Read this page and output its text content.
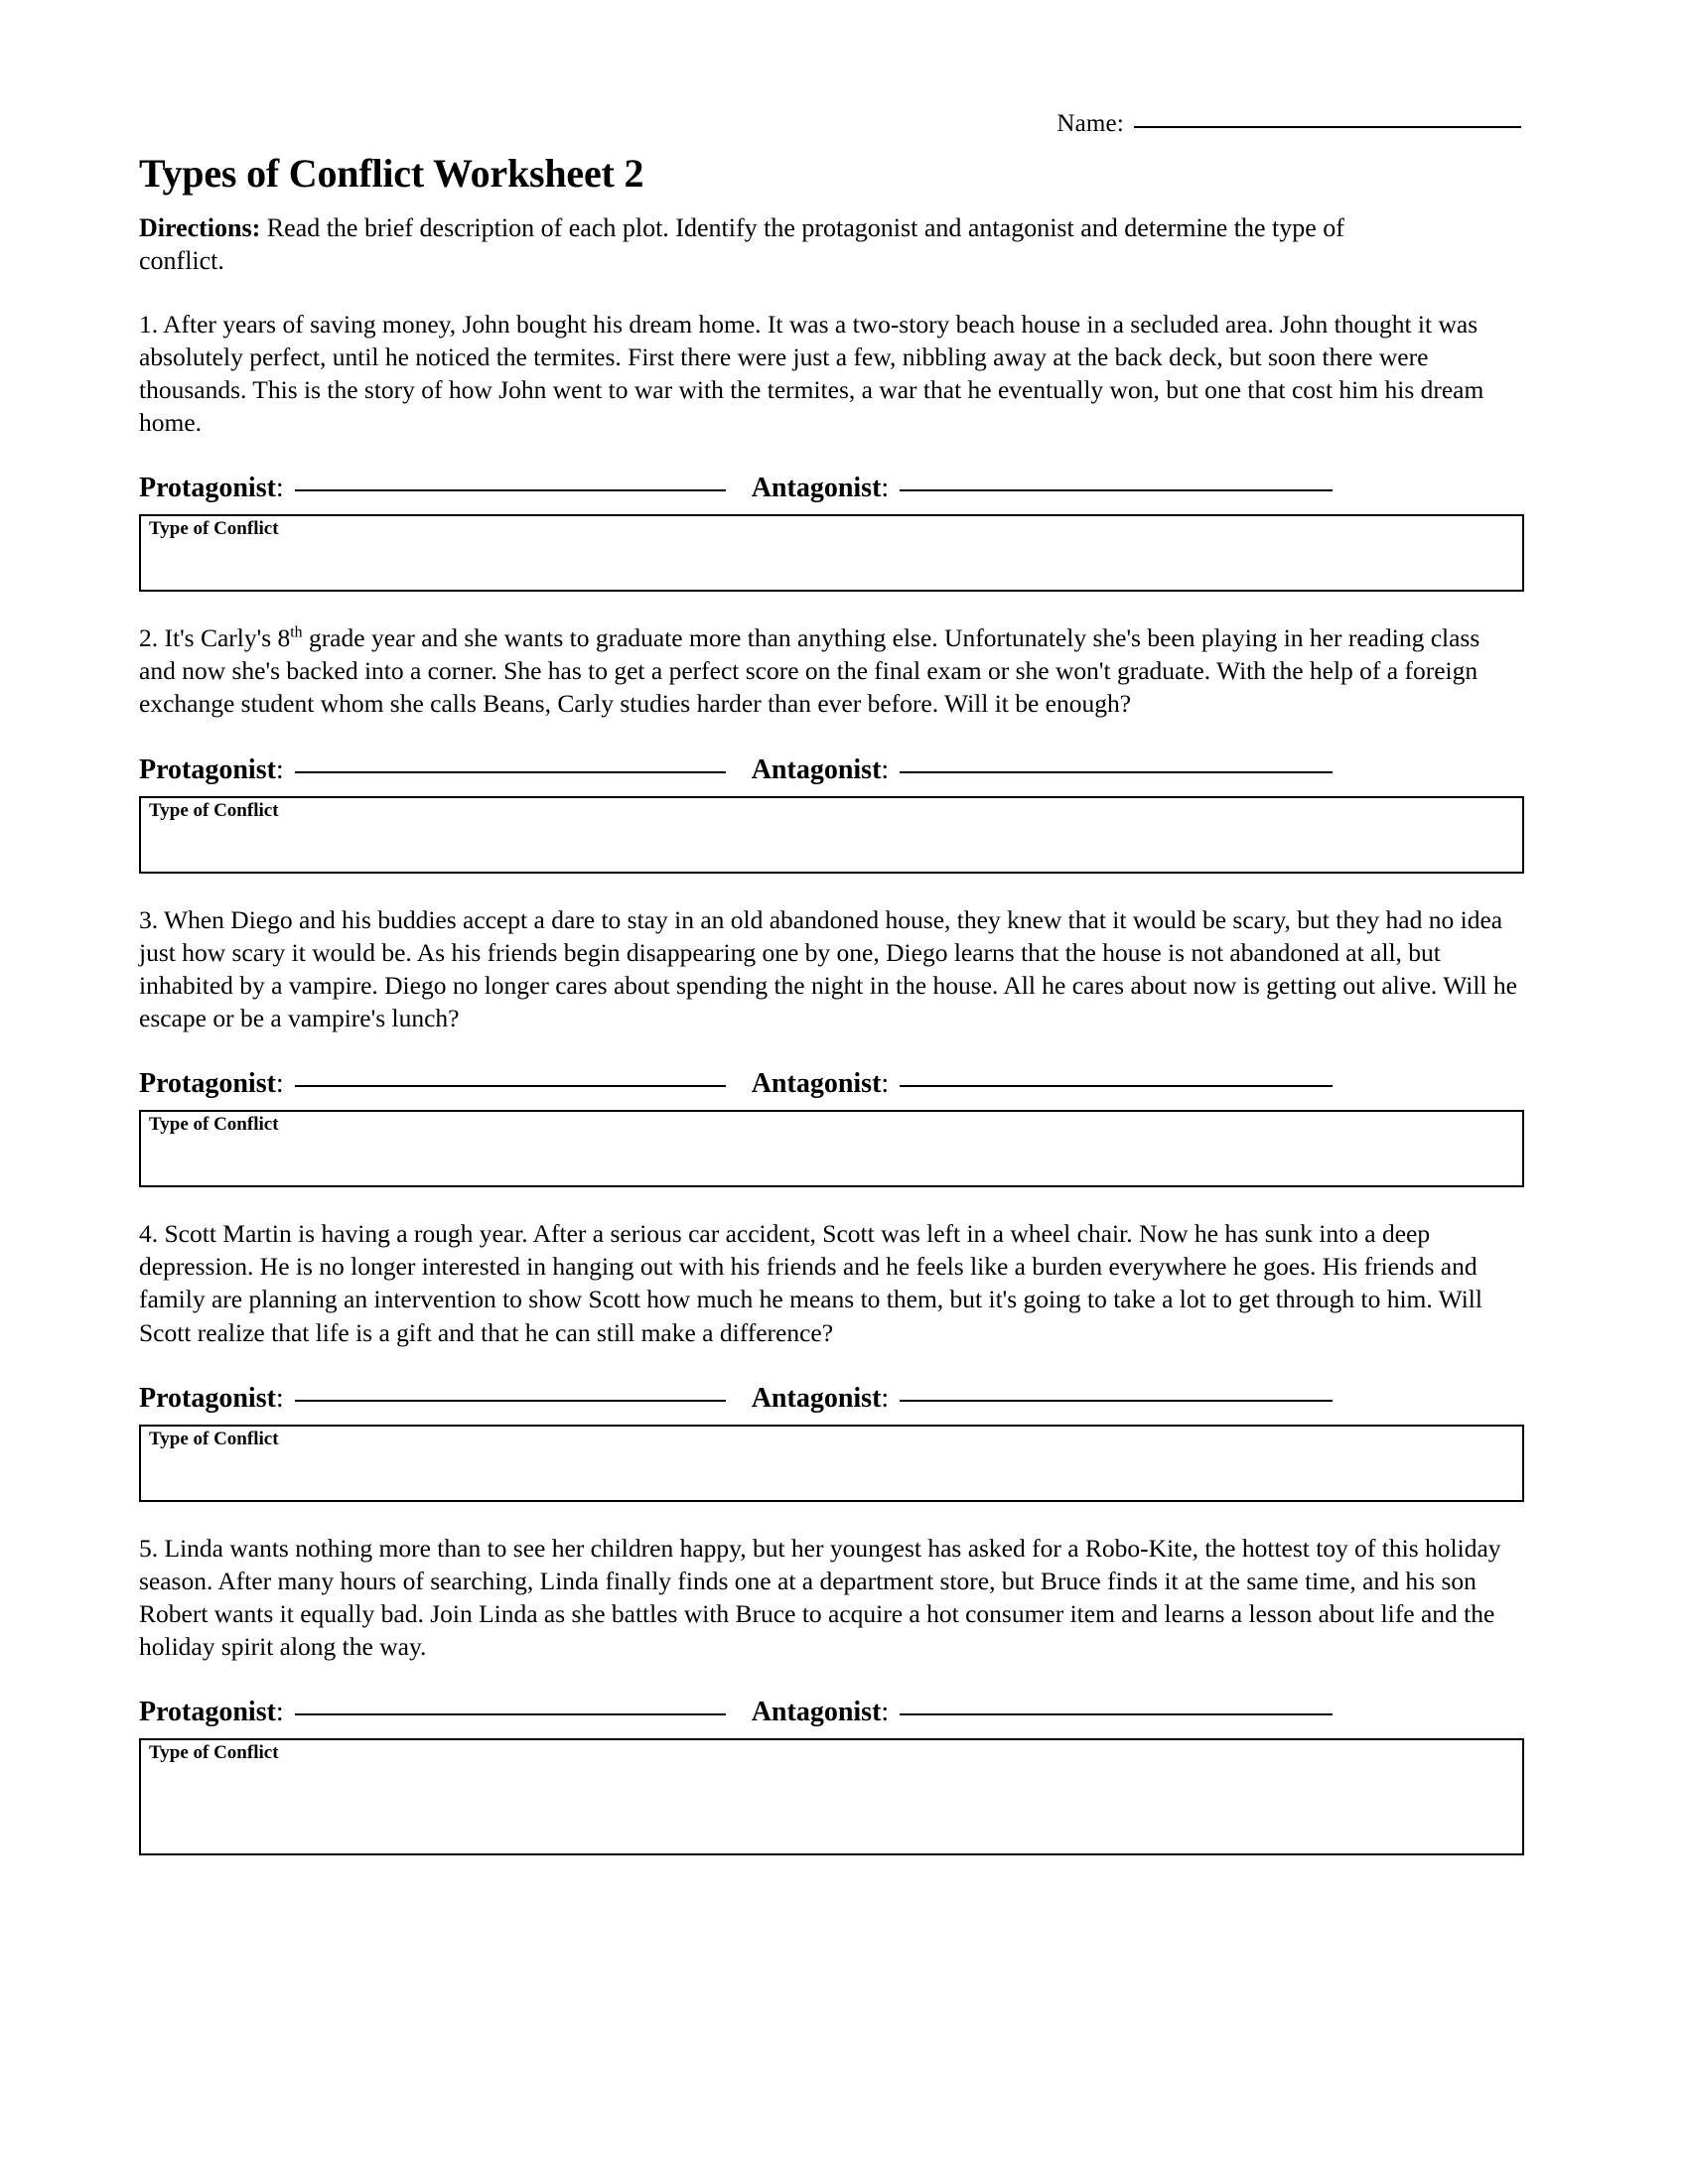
Name:
Types of Conflict Worksheet 2

Directions: Read the brief description of each plot. Identify the protagonist and antagonist and determine the type of conflict.

1. After years of saving money, John bought his dream home. It was a two-story beach house in a secluded area. John thought it was absolutely perfect, until he noticed the termites. First there were just a few, nibbling away at the back deck, but soon there were thousands. This is the story of how John went to war with the termites, a war that he eventually won, but one that cost him his dream home.

Protagonist :	Antagonist :
Type of Conflict

2. It's Carly's 8th grade year and she wants to graduate more than anything else. Unfortunately she's been playing in her reading class and now she's backed into a corner. She has to get a perfect score on the final exam or she won't graduate. With the help of a foreign exchange student whom she calls Beans, Carly studies harder than ever before. Will it be enough?

Protagonist :	Antagonist :
Type of Conflict

3. When Diego and his buddies accept a dare to stay in an old abandoned house, they knew that it would be scary, but they had no idea just how scary it would be. As his friends begin disappearing one by one, Diego learns that the house is not abandoned at all, but inhabited by a vampire. Diego no longer cares about spending the night in the house. All he cares about now is getting out alive. Will he escape or be a vampire's lunch?

Protagonist :	Antagonist :
Type of Conflict

4. Scott Martin is having a rough year. After a serious car accident, Scott was left in a wheel chair. Now he has sunk into a deep depression. He is no longer interested in hanging out with his friends and he feels like a burden everywhere he goes. His friends and family are planning an intervention to show Scott how much he means to them, but it's going to take a lot to get through to him. Will Scott realize that life is a gift and that he can still make a difference?

Protagonist :	Antagonist :
Type of Conflict

5. Linda wants nothing more than to see her children happy, but her youngest has asked for a Robo-Kite, the hottest toy of this holiday season. After many hours of searching, Linda finally finds one at a department store, but Bruce finds it at the same time, and his son Robert wants it equally bad. Join Linda as she battles with Bruce to acquire a hot consumer item and learns a lesson about life and the holiday spirit along the way.

Protagonist :	Antagonist :
Type of Conflict
